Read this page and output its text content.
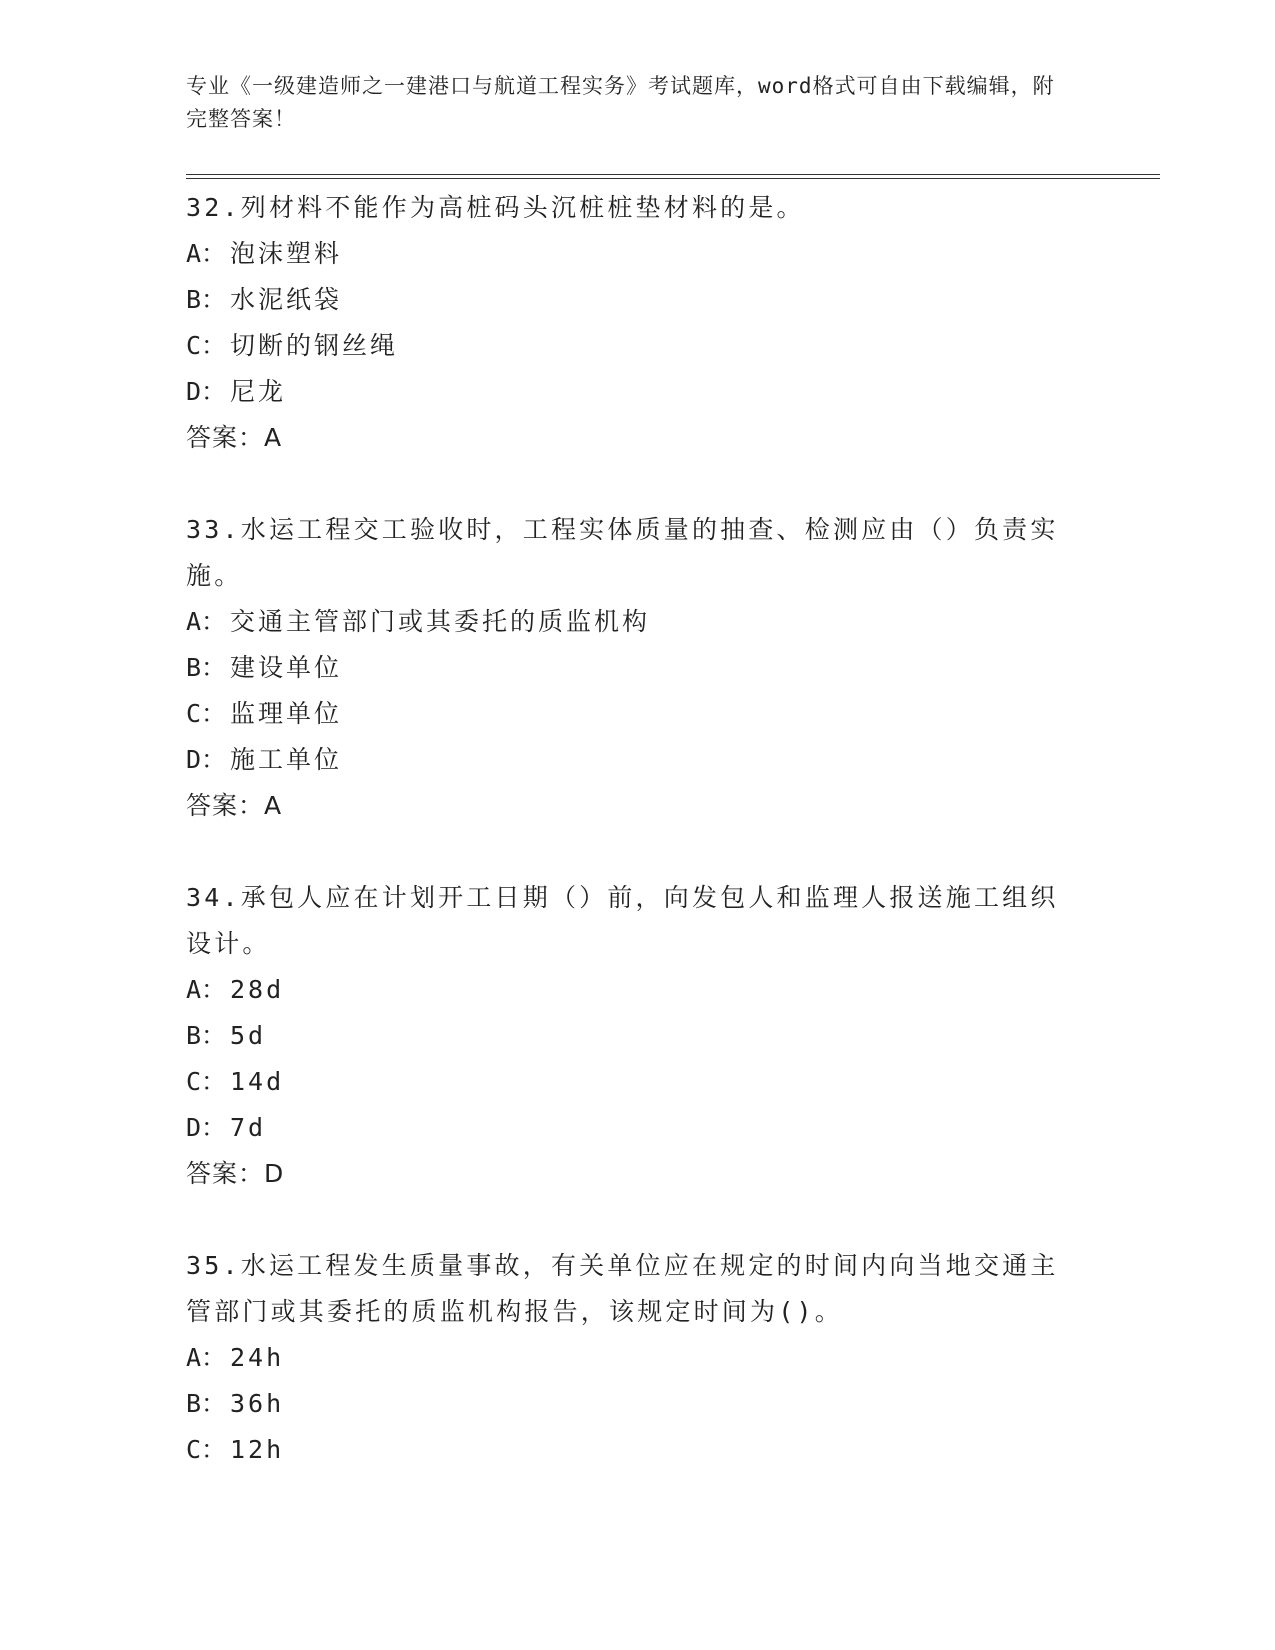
专业《一级建造师之一建港口与航道工程实务》考试题库，word格式可自由下载编辑，附完整答案！
32.列材料不能作为高桩码头沉桩桩垫材料的是。
A： 泡沫塑料
B： 水泥纸袋
C： 切断的钢丝绳
D： 尼龙
答案：A
33.水运工程交工验收时，工程实体质量的抽查、检测应由（）负责实施。
A： 交通主管部门或其委托的质监机构
B： 建设单位
C： 监理单位
D： 施工单位
答案：A
34.承包人应在计划开工日期（）前，向发包人和监理人报送施工组织设计。
A： 28d
B： 5d
C： 14d
D： 7d
答案：D
35.水运工程发生质量事故，有关单位应在规定的时间内向当地交通主管部门或其委托的质监机构报告，该规定时间为()。
A： 24h
B： 36h
C： 12h
